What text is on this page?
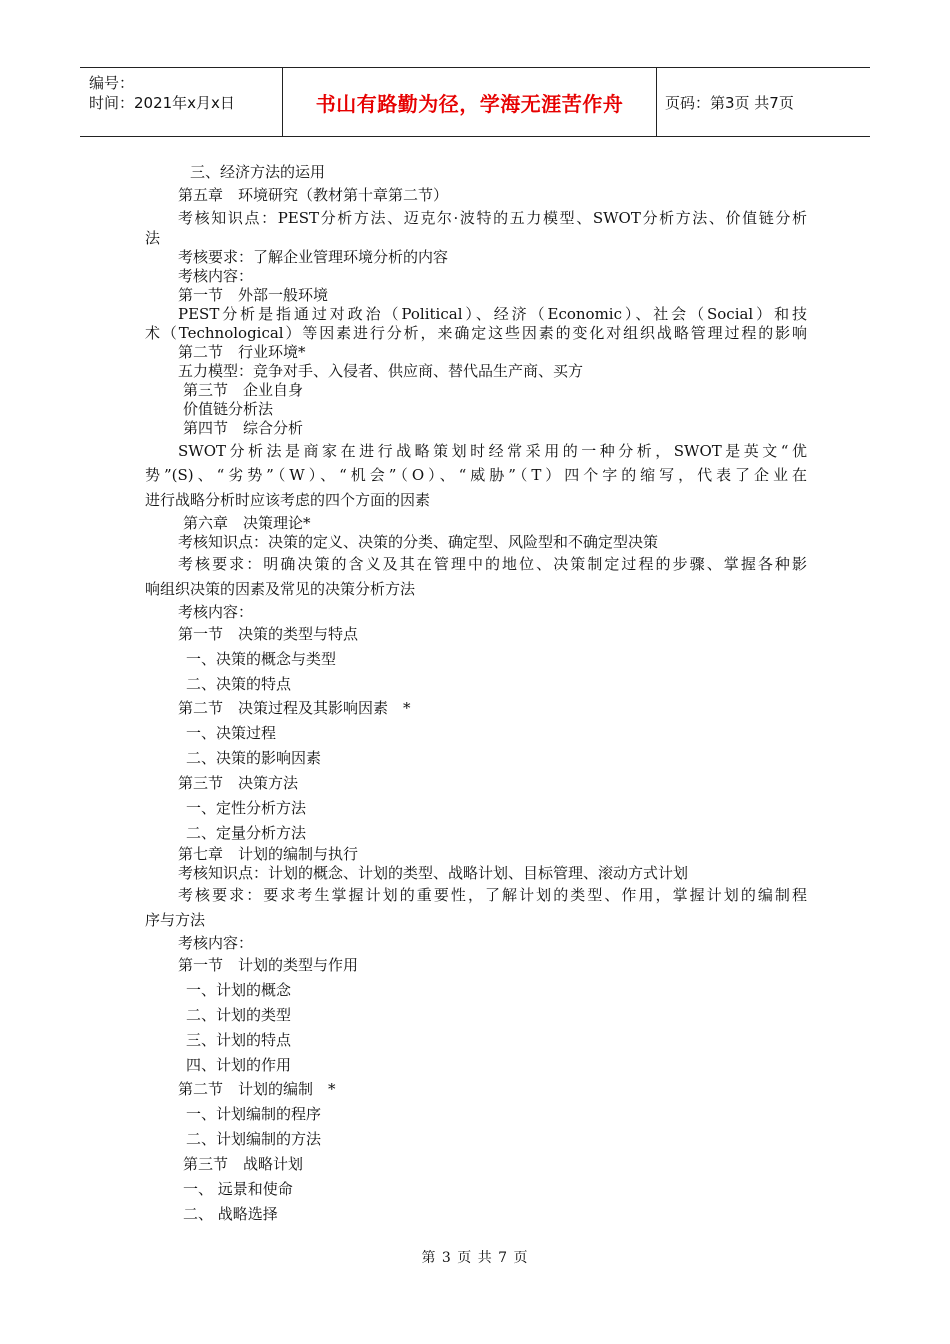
编号：
时间：2021年x月x日	书山有路勤为径，学海无涯苦作舟	页码：第3页 共7页
三、经济方法的运用
第五章　环境研究（教材第十章第二节）
考核知识点：PEST分析方法、迈克尔·波特的五力模型、SWOT分析方法、价值链分析
法
考核要求：了解企业管理环境分析的内容
考核内容：
第一节　外部一般环境
PEST分析是指通过对政治（Political）、经济（Economic）、社会（Social）和技
术（Technological）等因素进行分析，来确定这些因素的变化对组织战略管理过程的影响
第二节　行业环境*
五力模型：竞争对手、入侵者、供应商、替代品生产商、买方
第三节　企业自身
价值链分析法
第四节　综合分析
SWOT分析法是商家在进行战略策划时经常采用的一种分析，SWOT是英文“优
势”(S)、“劣势”（W）、“机会”（O）、“威胁”（T）四个字的缩写，代表了企业在
进行战略分析时应该考虑的四个方面的因素
第六章　决策理论*
考核知识点：决策的定义、决策的分类、确定型、风险型和不确定型决策
考核要求：明确决策的含义及其在管理中的地位、决策制定过程的步骤、掌握各种影
响组织决策的因素及常见的决策分析方法
考核内容：
第一节　决策的类型与特点
一、决策的概念与类型
二、决策的特点
第二节　决策过程及其影响因素　*
一、决策过程
二、决策的影响因素
第三节　决策方法
一、定性分析方法
二、定量分析方法
第七章　计划的编制与执行
考核知识点：计划的概念、计划的类型、战略计划、目标管理、滚动方式计划
考核要求：要求考生掌握计划的重要性，了解计划的类型、作用，掌握计划的编制程
序与方法
考核内容：
第一节　计划的类型与作用
一、计划的概念
二、计划的类型
三、计划的特点
四、计划的作用
第二节　计划的编制　*
一、计划编制的程序
二、计划编制的方法
第三节　战略计划
一、 远景和使命
二、 战略选择
第 3 页 共 7 页
